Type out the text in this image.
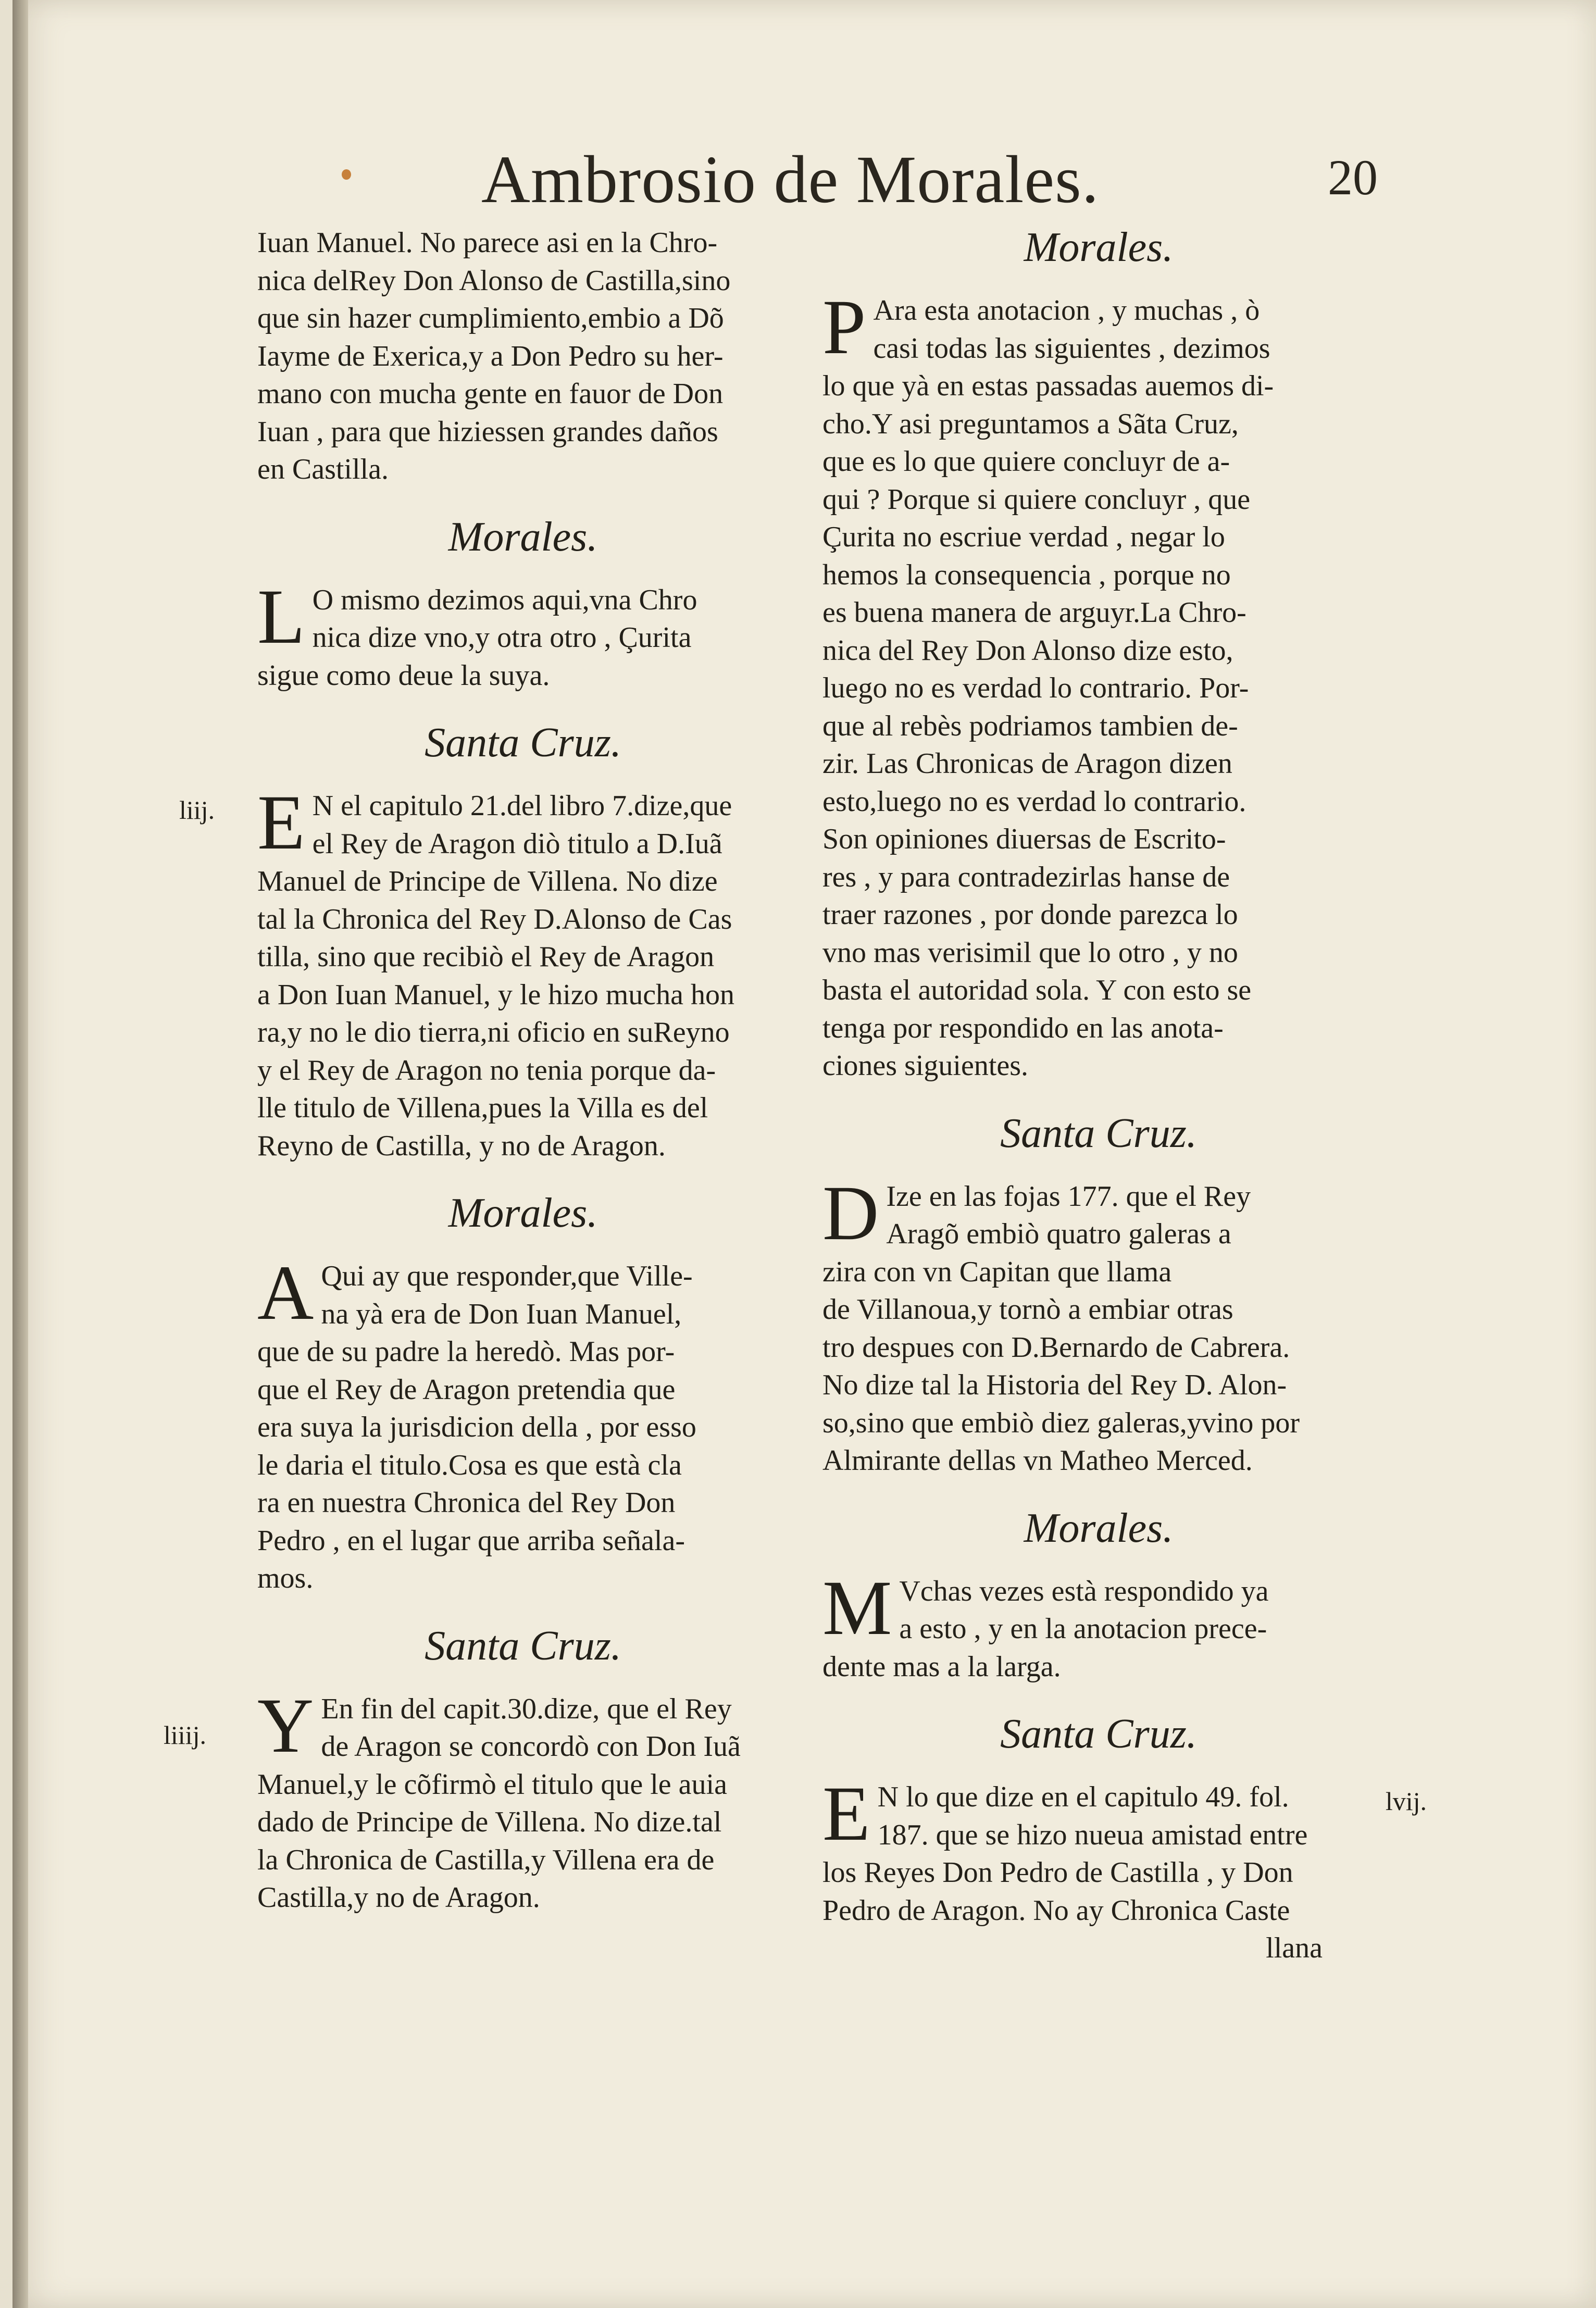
Ambrosio de Morales.	20
Iuan Manuel. No parece asi en la Chro-
nica delRey Don Alonso de Castilla,sino
que sin hazer cumplimiento,embio a Dõ
Iayme de Exerica,y a Don Pedro su her-
mano con mucha gente en fauor de Don
Iuan , para que hiziessen grandes daños
en Castilla.
Morales.
L O mismo dezimos aqui,vna Chro
nica dize vno,y otra otro , Çurita
sigue como deue la suya.
Santa Cruz.
liij. E N el capitulo 21.del libro 7.dize,que
el Rey de Aragon diò titulo a D.Iuã
Manuel de Principe de Villena. No dize
tal la Chronica del Rey D.Alonso de Cas
tilla, sino que recibiò el Rey de Aragon
a Don Iuan Manuel, y le hizo mucha hon
ra,y no le dio tierra,ni oficio en suReyno
y el Rey de Aragon no tenia porque da-
lle titulo de Villena,pues la Villa es del
Reyno de Castilla, y no de Aragon.
Morales.
A Qui ay que responder,que Ville-
na yà era de Don Iuan Manuel,
que de su padre la heredò. Mas por-
que el Rey de Aragon pretendia que
era suya la jurisdicion della , por esso
le daria el titulo.Cosa es que està cla
ra en nuestra Chronica del Rey Don
Pedro , en el lugar que arriba señala-
mos.
Santa Cruz.
liiij. Y En fin del capit.30.dize, que el Rey
de Aragon se concordò con Don Iuã
Manuel,y le cõfirmò el titulo que le auia
dado de Principe de Villena. No dize.tal
la Chronica de Castilla,y Villena era de
Castilla,y no de Aragon.
Morales.
P Ara esta anotacion , y muchas , ò
casi todas las siguientes , dezimos
lo que yà en estas passadas auemos di-
cho.Y asi preguntamos a Sãta Cruz,
que es lo que quiere concluyr de a-
qui ? Porque si quiere concluyr , que
Çurita no escriue verdad , negar lo
hemos la consequencia , porque no
es buena manera de arguyr.La Chro-
nica del Rey Don Alonso dize esto,
luego no es verdad lo contrario. Por-
que al rebès podriamos tambien de-
zir. Las Chronicas de Aragon dizen
esto,luego no es verdad lo contrario.
Son opiniones diuersas de Escrito-
res , y para contradezirlas hanse de
traer razones , por donde parezca lo
vno mas verisimil que lo otro , y no
basta el autoridad sola. Y con esto se
tenga por respondido en las anota-
ciones siguientes.
Santa Cruz.
D Ize en las fojas 177. que el Rey
Aragõ embiò quatro galeras a
zira con vn Capitan que llama
de Villanoua,y tornò a embiar otras
tro despues con D.Bernardo de Cabrera.
No dize tal la Historia del Rey D. Alon-
so,sino que embiò diez galeras,yvino por
Almirante dellas vn Matheo Merced.
Morales.
M Vchas vezes està respondido ya
a esto , y en la anotacion prece-
dente mas a la larga.
Santa Cruz.
lvij.
E N lo que dize en el capitulo 49. fol.
187. que se hizo nueua amistad entre
los Reyes Don Pedro de Castilla , y Don
Pedro de Aragon. No ay Chronica Caste
llana
